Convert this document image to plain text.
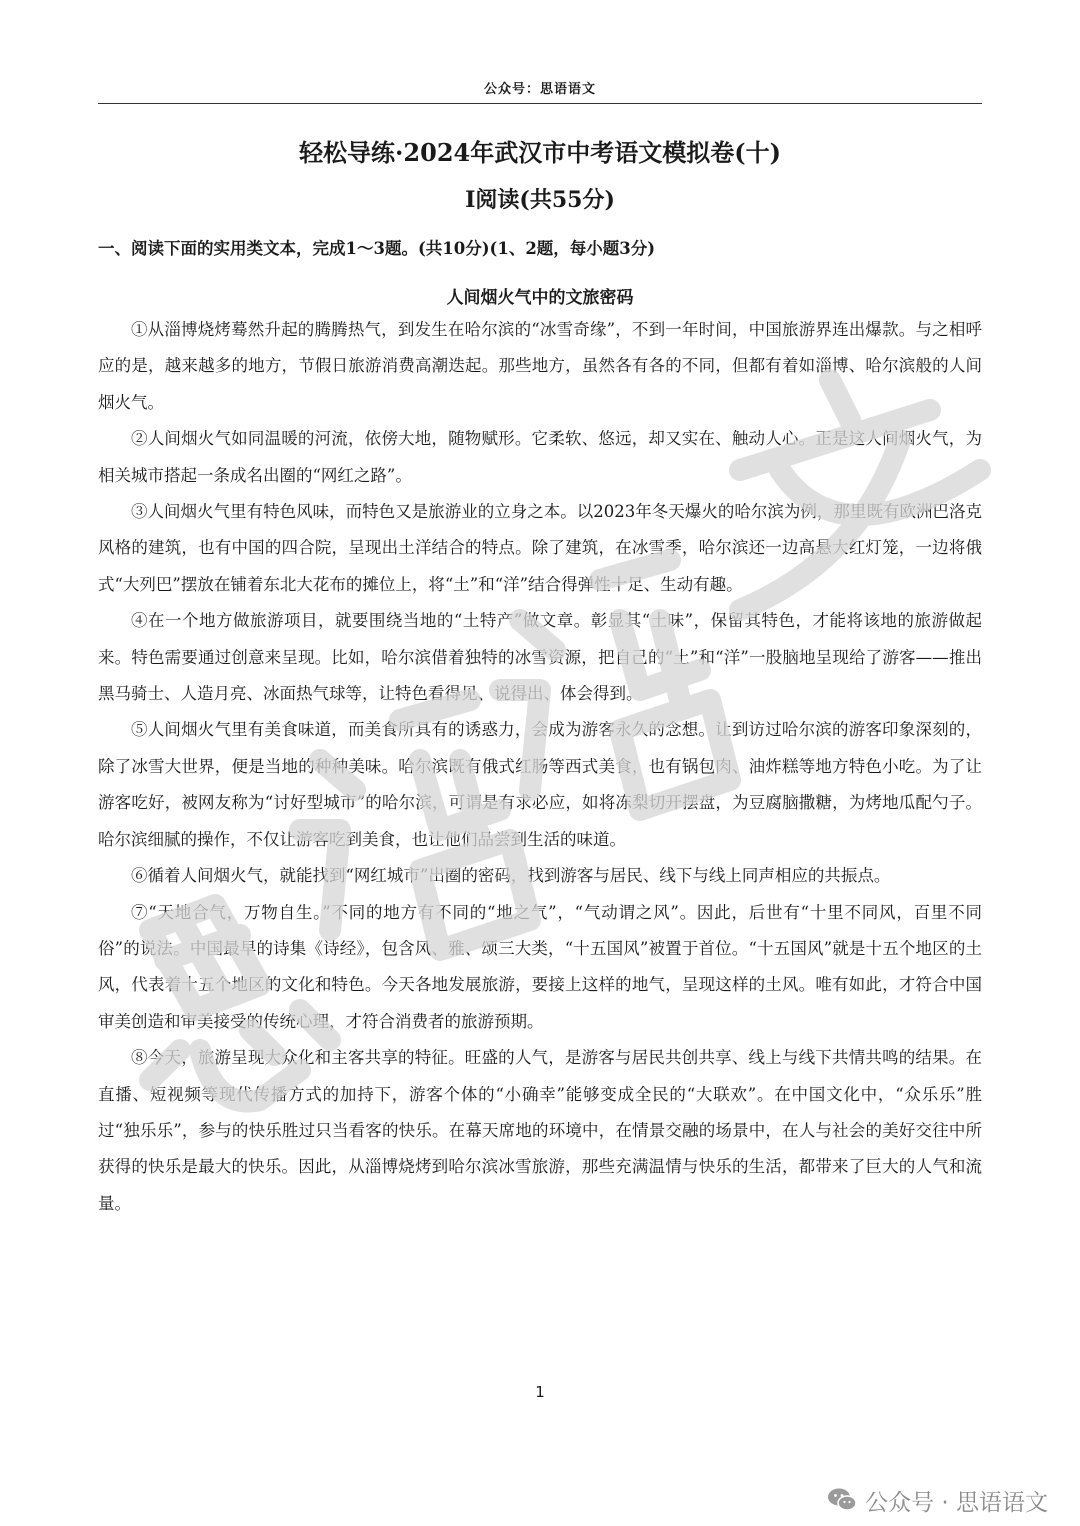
公众号：思语语文
轻松导练·2024年武汉市中考语文模拟卷(十)
Ⅰ阅读(共55分)
一、阅读下面的实用类文本，完成1～3题。(共10分)(1、2题，每小题3分)
人间烟火气中的文旅密码

①从淄博烧烤蓦然升起的腾腾热气，到发生在哈尔滨的“冰雪奇缘”，不到一年时间，中国旅游界连出爆款。与之相呼应的是，越来越多的地方，节假日旅游消费高潮迭起。那些地方，虽然各有各的不同，但都有着如淄博、哈尔滨般的人间烟火气。

②人间烟火气如同温暖的河流，依傍大地，随物赋形。它柔软、悠远，却又实在、触动人心。正是这人间烟火气，为相关城市搭起一条成名出圈的“网红之路”。

③人间烟火气里有特色风味，而特色又是旅游业的立身之本。以2023年冬天爆火的哈尔滨为例，那里既有欧洲巴洛克风格的建筑，也有中国的四合院，呈现出土洋结合的特点。除了建筑，在冰雪季，哈尔滨还一边高悬大红灯笼，一边将俄式“大列巴”摆放在铺着东北大花布的摊位上，将“土”和“洋”结合得弹性十足、生动有趣。

④在一个地方做旅游项目，就要围绕当地的“土特产”做文章。彰显其“土味”，保留其特色，才能将该地的旅游做起来。特色需要通过创意来呈现。比如，哈尔滨借着独特的冰雪资源，把自己的“土”和“洋”一股脑地呈现给了游客——推出黑马骑士、人造月亮、冰面热气球等，让特色看得见、说得出、体会得到。

⑤人间烟火气里有美食味道，而美食所具有的诱惑力，会成为游客永久的念想。让到访过哈尔滨的游客印象深刻的，除了冰雪大世界，便是当地的种种美味。哈尔滨既有俄式红肠等西式美食，也有锅包肉、油炸糕等地方特色小吃。为了让游客吃好，被网友称为“讨好型城市”的哈尔滨，可谓是有求必应，如将冻梨切开摆盘，为豆腐脑撒糖，为烤地瓜配勺子。哈尔滨细腻的操作，不仅让游客吃到美食，也让他们品尝到生活的味道。

⑥循着人间烟火气，就能找到“网红城市”出圈的密码，找到游客与居民、线下与线上同声相应的共振点。

⑦“天地合气，万物自生。”不同的地方有不同的“地之气”，“气动谓之风”。因此，后世有“十里不同风，百里不同俗”的说法。中国最早的诗集《诗经》，包含风、雅、颂三大类，“十五国风”被置于首位。“十五国风”就是十五个地区的土风，代表着十五个地区的文化和特色。今天各地发展旅游，要接上这样的地气，呈现这样的土风。唯有如此，才符合中国审美创造和审美接受的传统心理，才符合消费者的旅游预期。

⑧今天，旅游呈现大众化和主客共享的特征。旺盛的人气，是游客与居民共创共享、线上与线下共情共鸣的结果。在直播、短视频等现代传播方式的加持下，游客个体的“小确幸”能够变成全民的“大联欢”。在中国文化中，“众乐乐”胜过“独乐乐”，参与的快乐胜过只当看客的快乐。在幕天席地的环境中，在情景交融的场景中，在人与社会的美好交往中所获得的快乐是最大的快乐。因此，从淄博烧烤到哈尔滨冰雪旅游，那些充满温情与快乐的生活，都带来了巨大的人气和流量。

1
公众号 · 思语语文
